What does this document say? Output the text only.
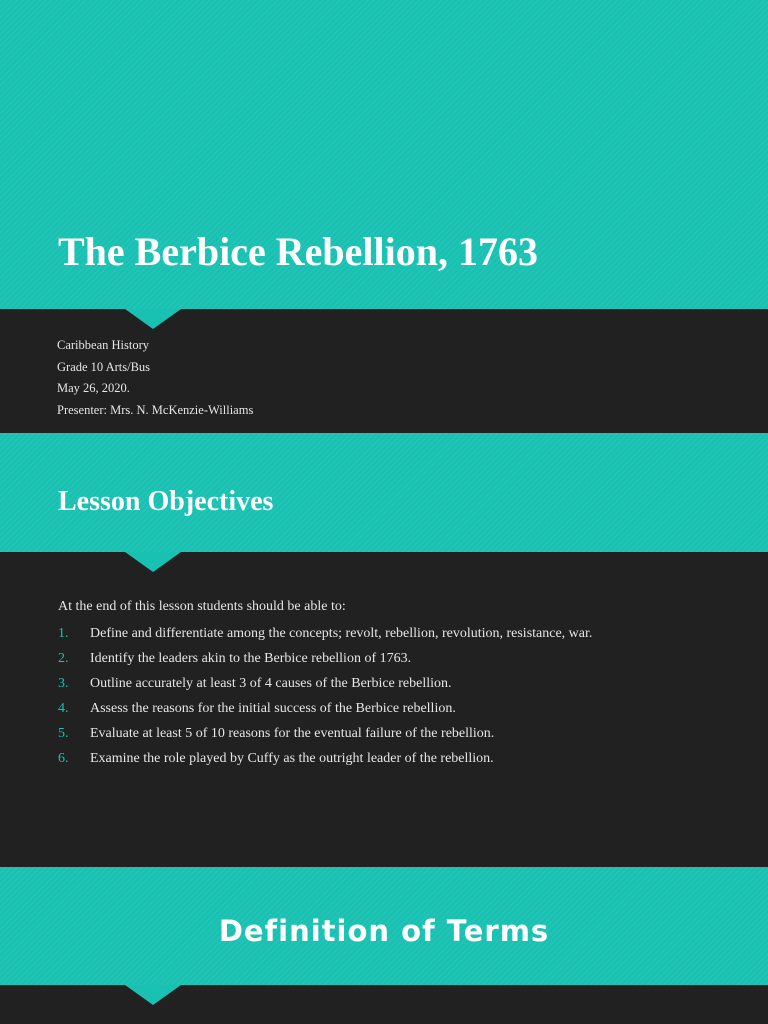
The Berbice Rebellion, 1763
Caribbean History
Grade 10 Arts/Bus
May 26, 2020.
Presenter: Mrs. N. McKenzie-Williams
Lesson Objectives
At the end of this lesson students should be able to:
1. Define and differentiate among the concepts; revolt, rebellion, revolution, resistance, war.
2. Identify the leaders akin to the Berbice rebellion of 1763.
3. Outline accurately at least 3 of 4 causes of the Berbice rebellion.
4. Assess the reasons for the initial success of the Berbice rebellion.
5. Evaluate at least 5 of 10 reasons for the eventual failure of the rebellion.
6. Examine the role played by Cuffy as the outright leader of the rebellion.
Definition of Terms
